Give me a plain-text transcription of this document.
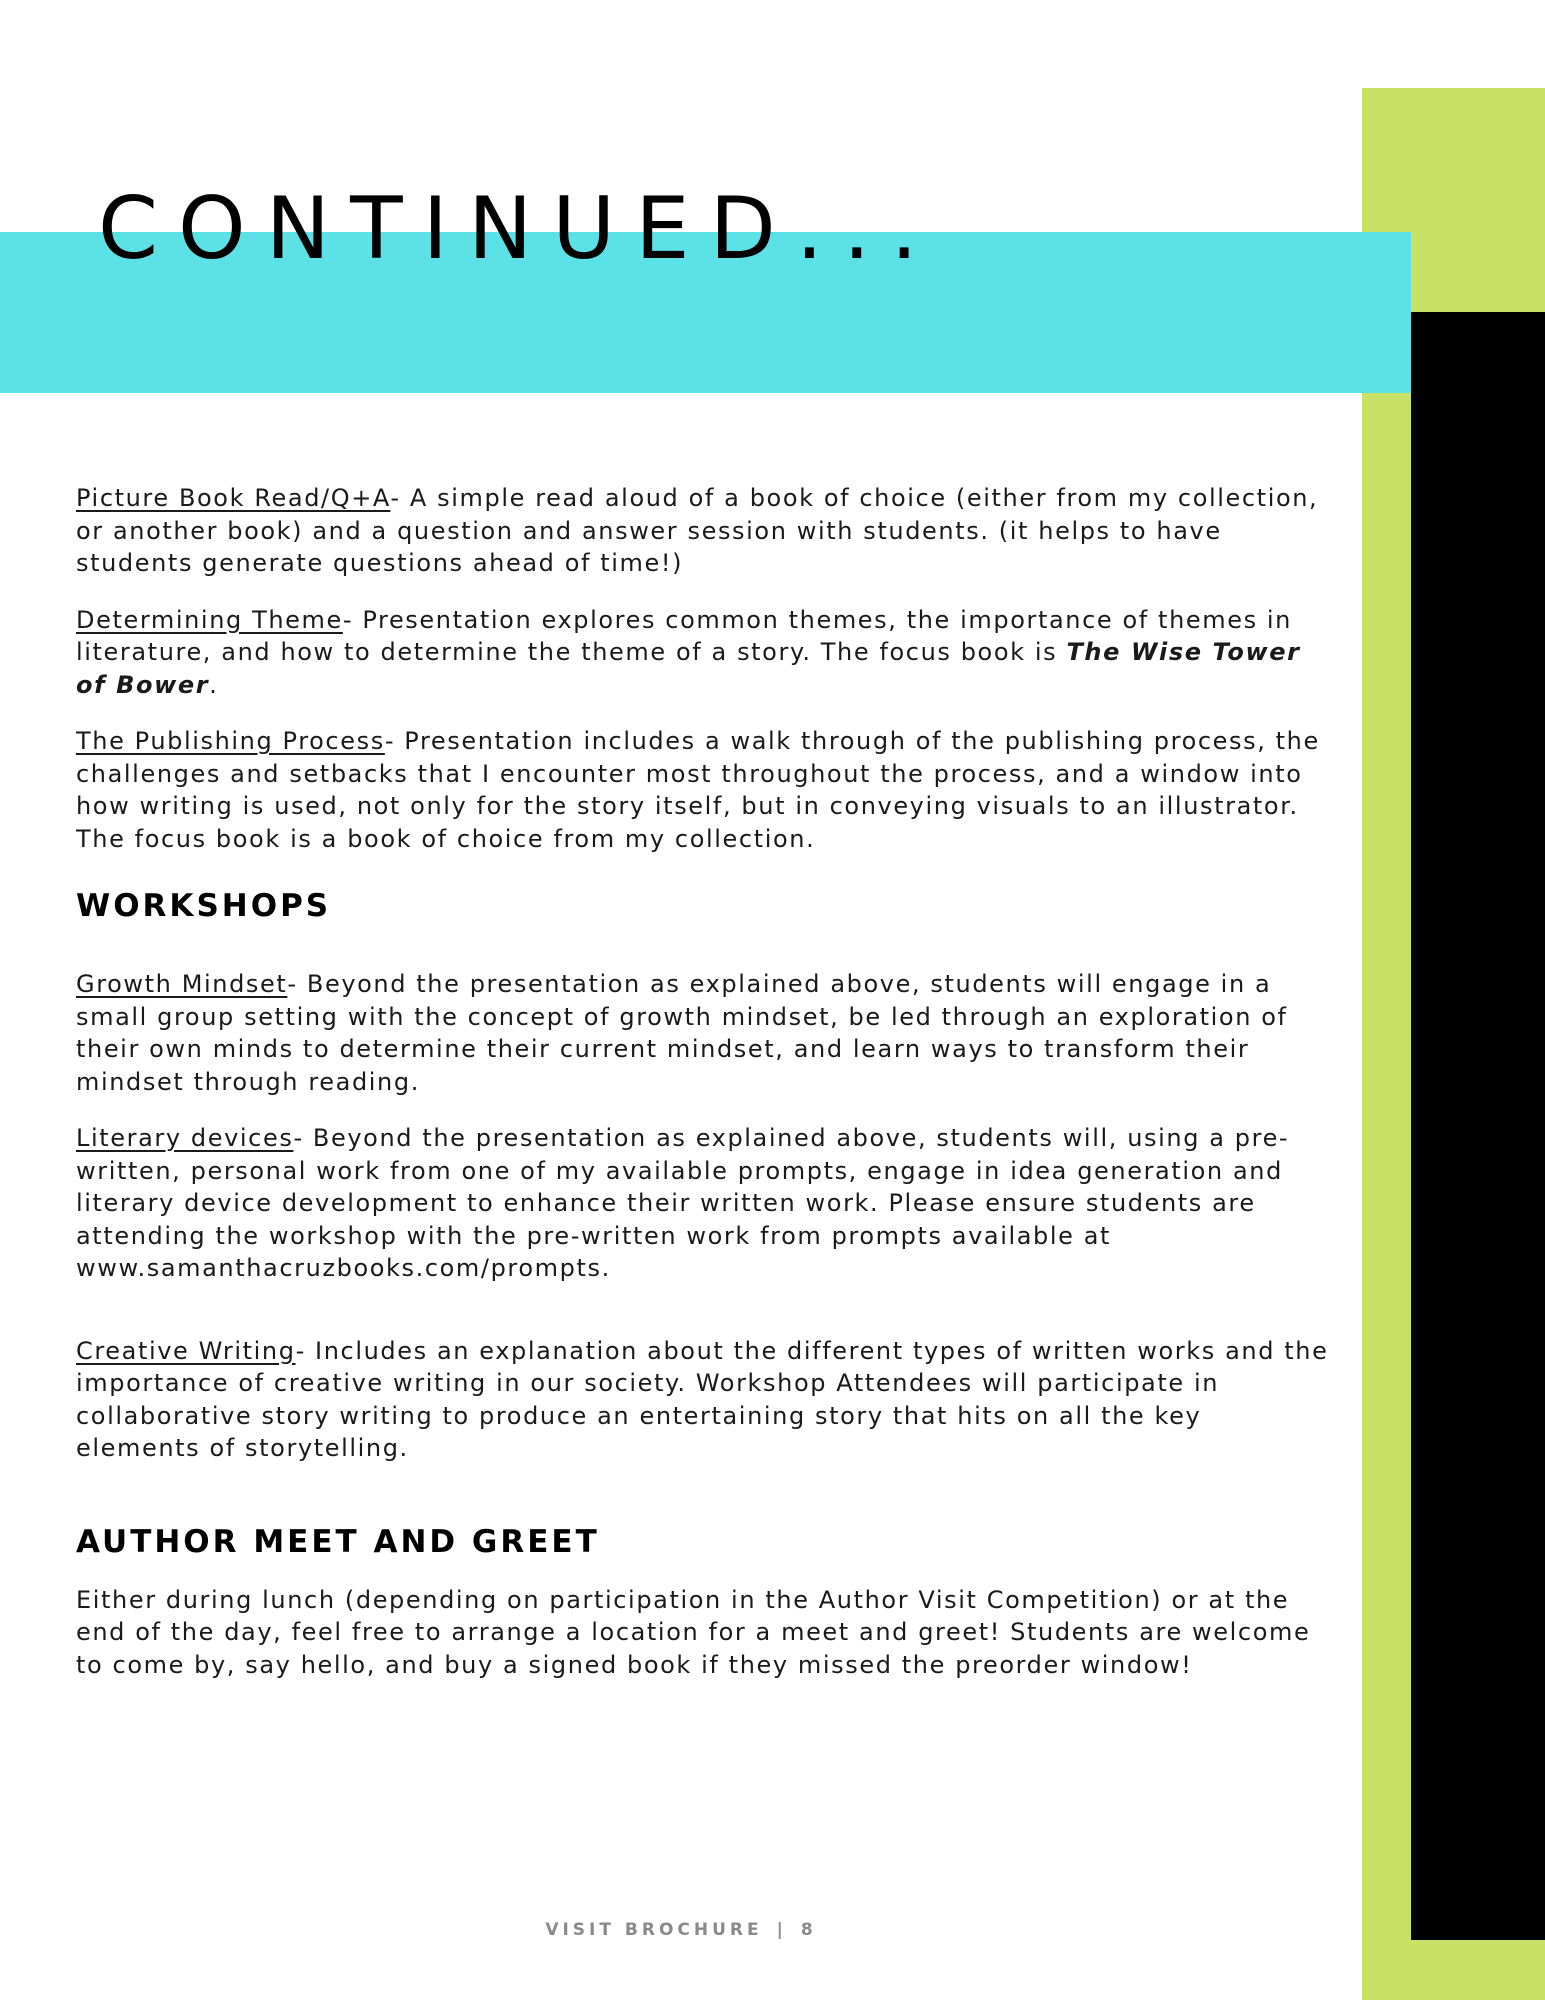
CONTINUED...

Picture Book Read/Q+A- A simple read aloud of a book of choice (either from my collection, or another book) and a question and answer session with students. (it helps to have students generate questions ahead of time!)

Determining Theme- Presentation explores common themes, the importance of themes in literature, and how to determine the theme of a story. The focus book is The Wise Tower of Bower.

The Publishing Process- Presentation includes a walk through of the publishing process, the challenges and setbacks that I encounter most throughout the process, and a window into how writing is used, not only for the story itself, but in conveying visuals to an illustrator. The focus book is a book of choice from my collection.

WORKSHOPS

Growth Mindset- Beyond the presentation as explained above, students will engage in a small group setting with the concept of growth mindset, be led through an exploration of their own minds to determine their current mindset, and learn ways to transform their mindset through reading.

Literary devices- Beyond the presentation as explained above, students will, using a pre-written, personal work from one of my available prompts, engage in idea generation and literary device development to enhance their written work. Please ensure students are attending the workshop with the pre-written work from prompts available at www.samanthacruzbooks.com/prompts.

Creative Writing- Includes an explanation about the different types of written works and the importance of creative writing in our society. Workshop Attendees will participate in collaborative story writing to produce an entertaining story that hits on all the key elements of storytelling.

AUTHOR MEET AND GREET

Either during lunch (depending on participation in the Author Visit Competition) or at the end of the day, feel free to arrange a location for a meet and greet! Students are welcome to come by, say hello, and buy a signed book if they missed the preorder window!

VISIT BROCHURE | 8
